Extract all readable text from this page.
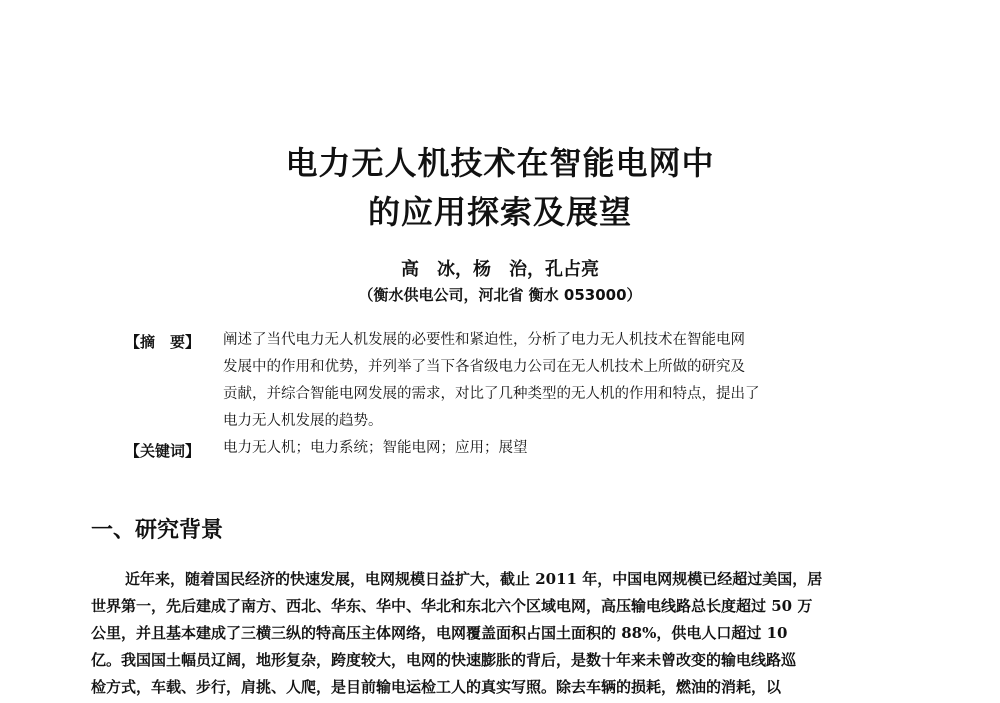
电力无人机技术在智能电网中
的应用探索及展望

高　冰，杨　治，孔占亮

（衡水供电公司，河北省 衡水 053000）

【摘　要】 阐述了当代电力无人机发展的必要性和紧迫性，分析了电力无人机技术在智能电网
发展中的作用和优势，并列举了当下各省级电力公司在无人机技术上所做的研究及
贡献，并综合智能电网发展的需求，对比了几种类型的无人机的作用和特点，提出了
电力无人机发展的趋势。
【关键词】 电力无人机；电力系统；智能电网；应用；展望
一、研究背景
近年来，随着国民经济的快速发展，电网规模日益扩大，截止 2011 年，中国电网规模已经超过美国，居
世界第一，先后建成了南方、西北、华东、华中、华北和东北六个区域电网，高压输电线路总长度超过 50 万
公里，并且基本建成了三横三纵的特高压主体网络，电网覆盖面积占国土面积的 88%，供电人口超过 10
亿。我国国土幅员辽阔，地形复杂，跨度较大，电网的快速膨胀的背后，是数十年来未曾改变的输电线路巡
检方式，车载、步行，肩挑、人爬，是目前输电运检工人的真实写照。除去车辆的损耗，燃油的消耗，以
